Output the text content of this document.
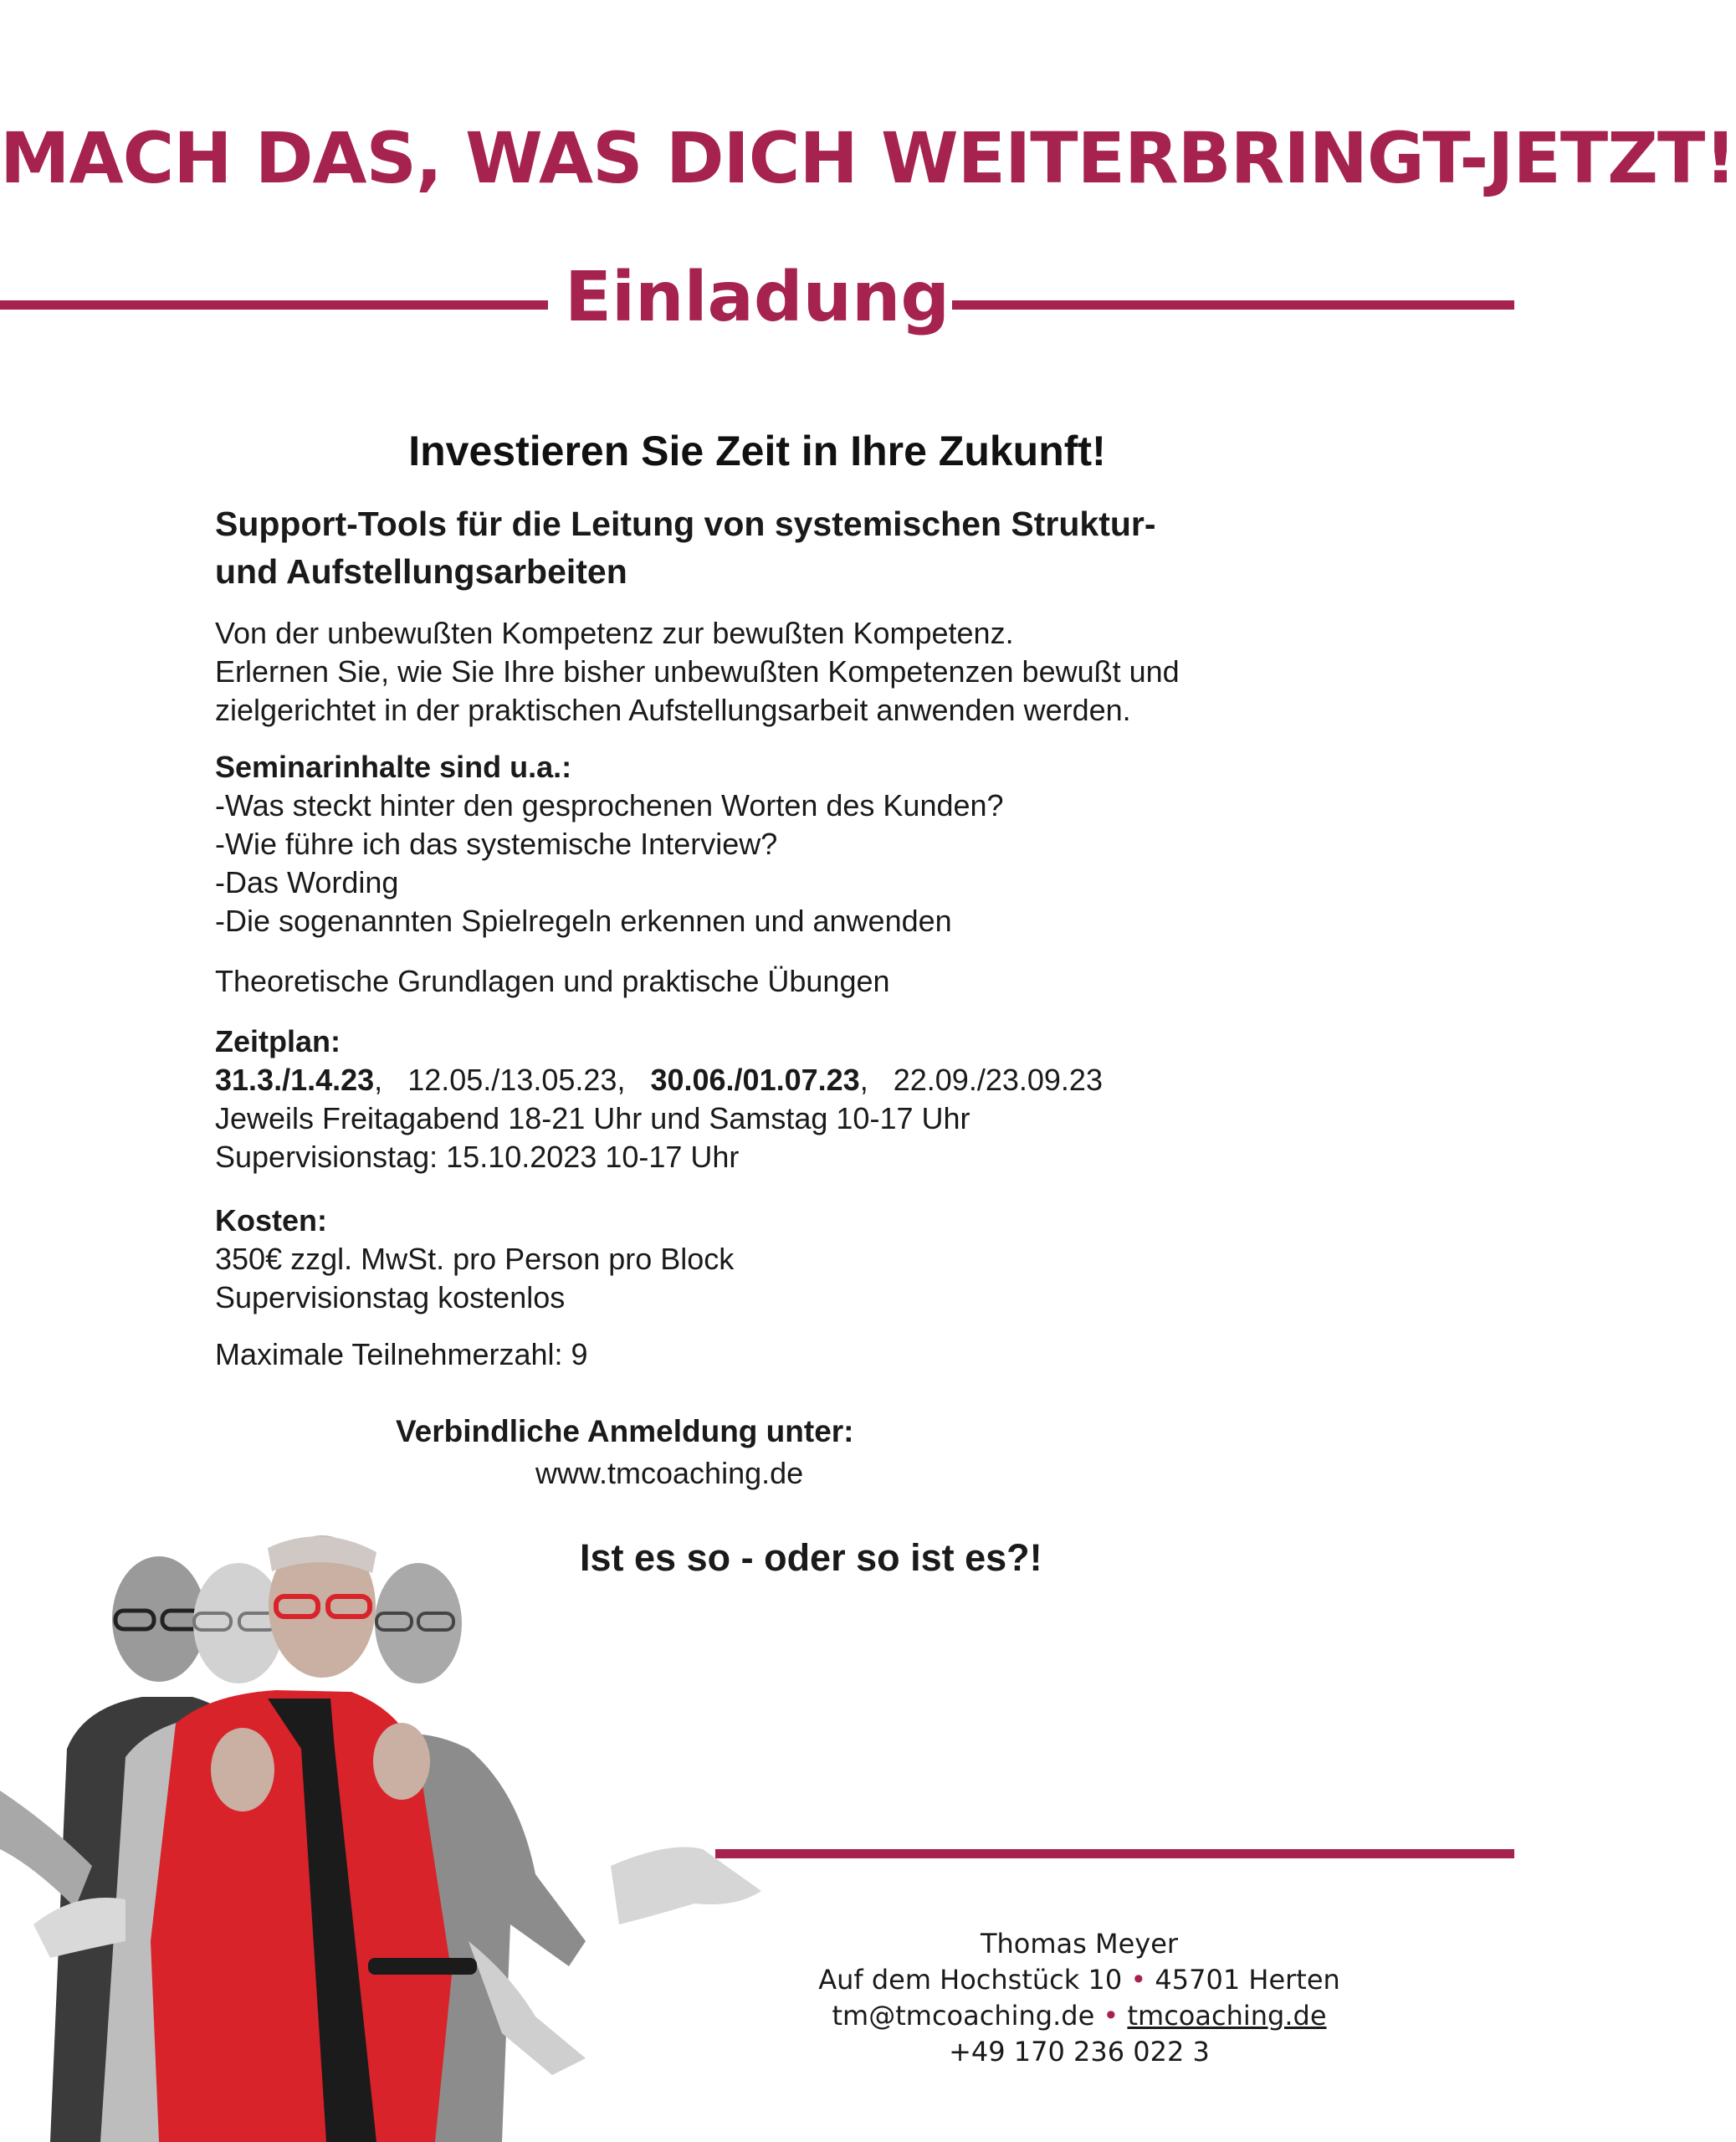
MACH DAS, WAS DICH WEITERBRINGT-JETZT!
Einladung
Investieren Sie Zeit in Ihre Zukunft!

Support-Tools für die Leitung von systemischen Struktur-

und Aufstellungsarbeiten

Von der unbewußten Kompetenz zur bewußten Kompetenz.

Erlernen Sie, wie Sie Ihre bisher unbewußten Kompetenzen bewußt und

zielgerichtet in der praktischen Aufstellungsarbeit anwenden werden.

Seminarinhalte sind u.a.:

-Was steckt hinter den gesprochenen Worten des Kunden?

-Wie führe ich das systemische Interview?

-Das Wording

-Die sogenannten Spielregeln erkennen und anwenden

Theoretische Grundlagen und praktische Übungen

Zeitplan:

31.3./1.4.23, 12.05./13.05.23, 30.06./01.07.23, 22.09./23.09.23

Jeweils Freitagabend 18-21 Uhr und Samstag 10-17 Uhr

Supervisionstag: 15.10.2023 10-17 Uhr

Kosten:

350€ zzgl. MwSt. pro Person pro Block

Supervisionstag kostenlos

Maximale Teilnehmerzahl: 9

Verbindliche Anmeldung unter:
www.tmcoaching.de
Ist es so - oder so ist es?!

Thomas Meyer

Auf dem Hochstück 10 • 45701 Herten

tm@tmcoaching.de • tmcoaching.de

+49 170 236 022 3
